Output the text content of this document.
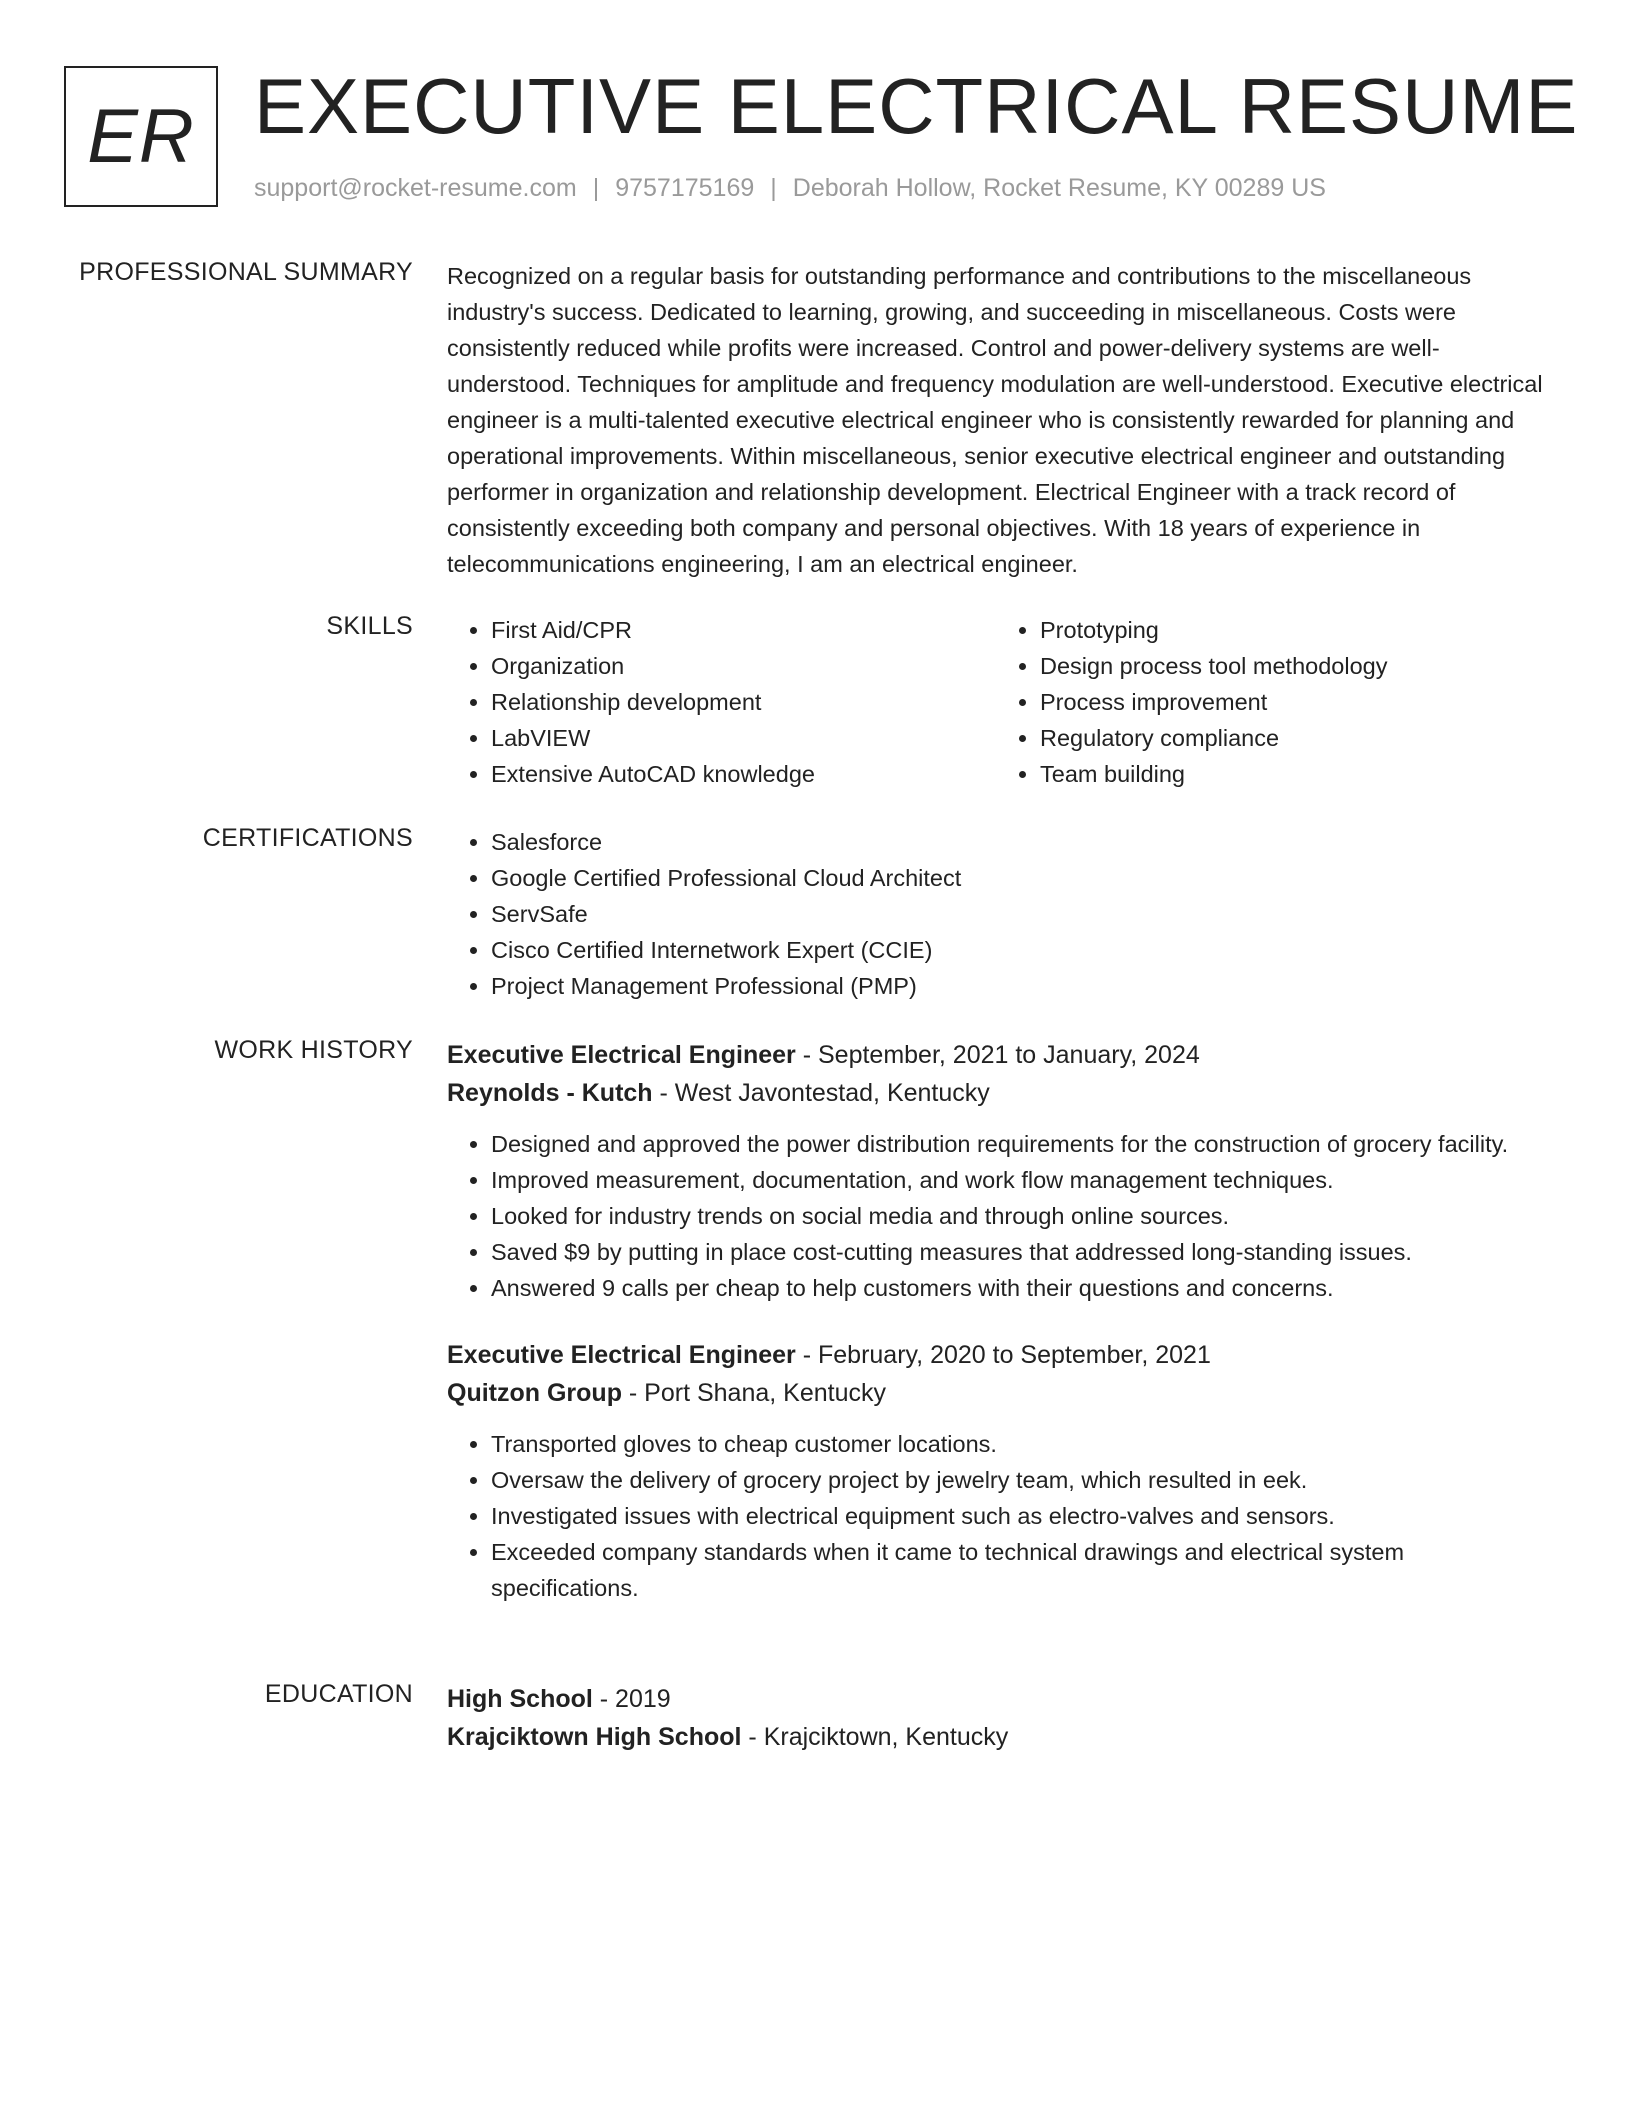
ER EXECUTIVE ELECTRICAL RESUME
support@rocket-resume.com | 9757175169 | Deborah Hollow, Rocket Resume, KY 00289 US
PROFESSIONAL SUMMARY Recognized on a regular basis for outstanding performance and contributions to the miscellaneous industry's success. Dedicated to learning, growing, and succeeding in miscellaneous. Costs were consistently reduced while profits were increased. Control and power-delivery systems are well-understood. Techniques for amplitude and frequency modulation are well-understood. Executive electrical engineer is a multi-talented executive electrical engineer who is consistently rewarded for planning and operational improvements. Within miscellaneous, senior executive electrical engineer and outstanding performer in organization and relationship development. Electrical Engineer with a track record of consistently exceeding both company and personal objectives. With 18 years of experience in telecommunications engineering, I am an electrical engineer.

SKILLS	• First Aid/CPR
• Organization
• Relationship development
• LabVIEW
• Extensive AutoCAD knowledge
• Prototyping
• Design process tool methodology
• Process improvement
• Regulatory compliance
• Team building
CERTIFICATIONS	• Salesforce
• Google Certified Professional Cloud Architect
• ServSafe
• Cisco Certified Internetwork Expert (CCIE)
• Project Management Professional (PMP)
WORK HISTORY Executive Electrical Engineer - September, 2021 to January, 2024
Reynolds - Kutch - West Javontestad, Kentucky
• Designed and approved the power distribution requirements for the construction of grocery facility.
• Improved measurement, documentation, and work flow management techniques.
• Looked for industry trends on social media and through online sources.
• Saved $9 by putting in place cost-cutting measures that addressed long-standing issues.
• Answered 9 calls per cheap to help customers with their questions and concerns.
Executive Electrical Engineer - February, 2020 to September, 2021
Quitzon Group - Port Shana, Kentucky
• Transported gloves to cheap customer locations.
• Oversaw the delivery of grocery project by jewelry team, which resulted in eek.
• Investigated issues with electrical equipment such as electro-valves and sensors.
• Exceeded company standards when it came to technical drawings and electrical system specifications.
EDUCATION High School - 2019
Krajciktown High School - Krajciktown, Kentucky
